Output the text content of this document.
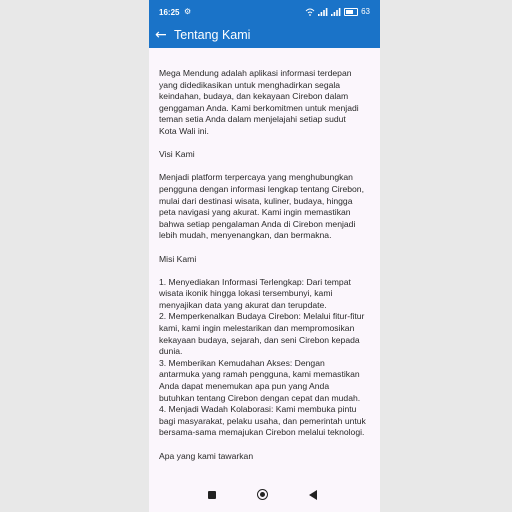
16:25 ⚙	63
← Tentang Kami

Mega Mendung adalah aplikasi informasi terdepan
yang didedikasikan untuk menghadirkan segala
keindahan, budaya, dan kekayaan Cirebon dalam
genggaman Anda. Kami berkomitmen untuk menjadi
teman setia Anda dalam menjelajahi setiap sudut
Kota Wali ini.

Visi Kami

Menjadi platform terpercaya yang menghubungkan
pengguna dengan informasi lengkap tentang Cirebon,
mulai dari destinasi wisata, kuliner, budaya, hingga
peta navigasi yang akurat. Kami ingin memastikan
bahwa setiap pengalaman Anda di Cirebon menjadi
lebih mudah, menyenangkan, dan bermakna.

Misi Kami

1. Menyediakan Informasi Terlengkap: Dari tempat
wisata ikonik hingga lokasi tersembunyi, kami
menyajikan data yang akurat dan terupdate.
2. Memperkenalkan Budaya Cirebon: Melalui fitur-fitur
kami, kami ingin melestarikan dan mempromosikan
kekayaan budaya, sejarah, dan seni Cirebon kepada
dunia.
3. Memberikan Kemudahan Akses: Dengan
antarmuka yang ramah pengguna, kami memastikan
Anda dapat menemukan apa pun yang Anda
butuhkan tentang Cirebon dengan cepat dan mudah.
4. Menjadi Wadah Kolaborasi: Kami membuka pintu
bagi masyarakat, pelaku usaha, dan pemerintah untuk
bersama-sama memajukan Cirebon melalui teknologi.

Apa yang kami tawarkan
